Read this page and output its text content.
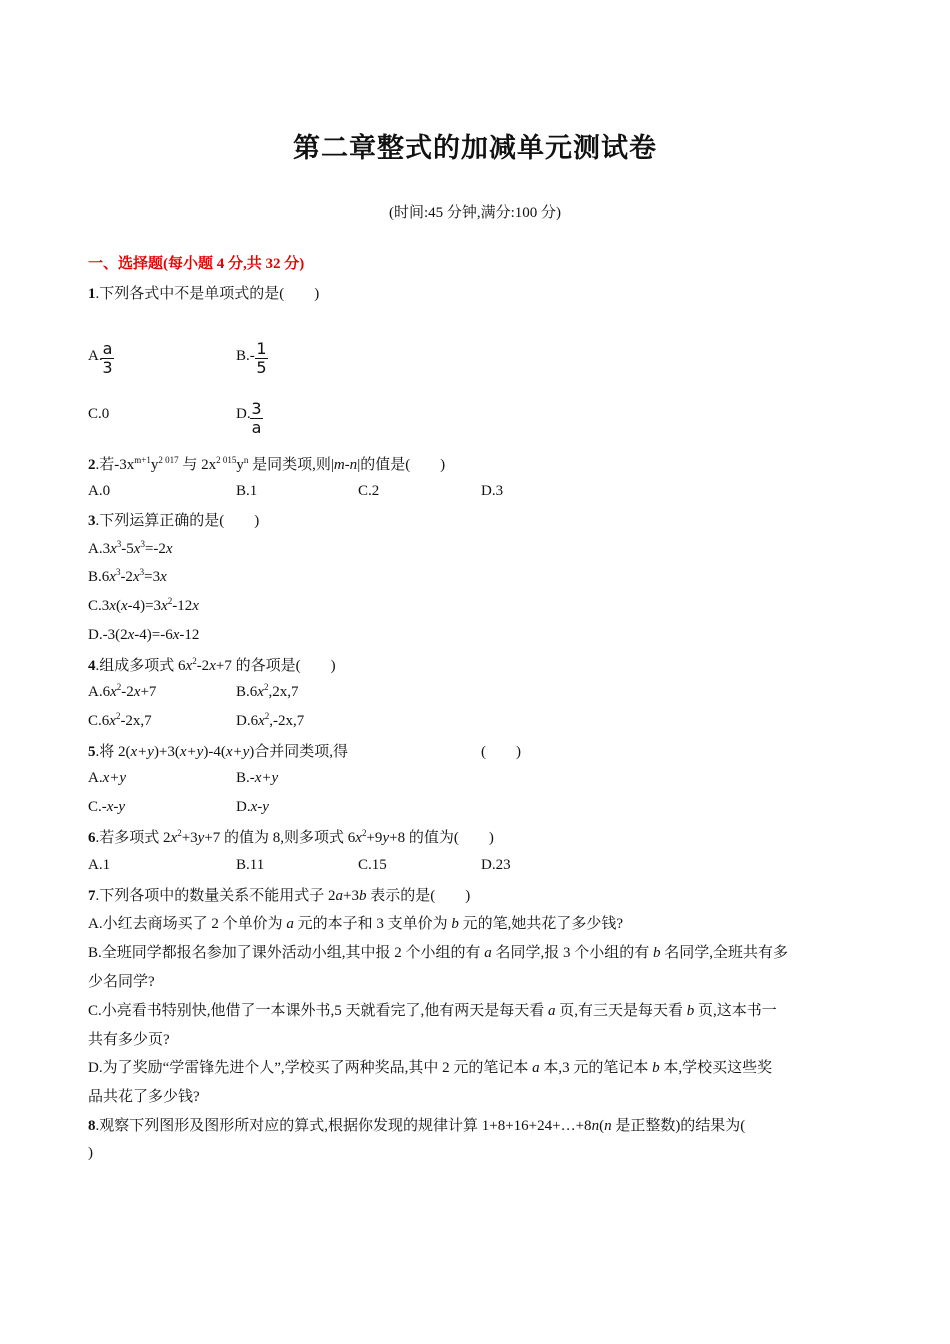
第二章整式的加减单元测试卷
(时间:45 分钟,满分:100 分)
一、选择题(每小题 4 分,共 32 分)
1.下列各式中不是单项式的是(　　)
A. a
3
B.- 1
5
C.0	D. 3
a
2.若$-3x^{m+1}y^{2 017}$ 与 $2x^{2 015}y^n$ 是同类项,则|m-n|的值是(　　)
A.0	B.1	C.2	D.3
3.下列运算正确的是(　　)
$A.3x^3-5x^3=-2x$
$B.6x^3-2x^3=3x$
$C.3x(x-4)=3x^2-12x$
D.-3(2x-4)=-6x-12
4.组成多项式 $6x^2-2x+7$ 的各项是(　　)
$A.6x^2-2x+7$	$B.6x^2,2x,7$
$C.6x^2-2x,7$	$D.6x^2,-2x,7$
5.将 2(x+y)+3(x+y)-4(x+y)合并同类项,得	(　　)
A.x+y	B.-x+y
C.-x-y	D.x-y
6.若多项式 $2x^2+3y+7$ 的值为 8,则多项式 $6x^2+9y+8$ 的值为(　　)
A.1	B.11	C.15	D.23
7.下列各项中的数量关系不能用式子 2a+3b 表示的是(　　)
A.小红去商场买了 2 个单价为 a 元的本子和 3 支单价为 b 元的笔,她共花了多少钱?
B.全班同学都报名参加了课外活动小组,其中报 2 个小组的有 a 名同学,报 3 个小组的有 b 名同学,全班共有多
少名同学?
C.小亮看书特别快,他借了一本课外书,5 天就看完了,他有两天是每天看 a 页,有三天是每天看 b 页,这本书一
共有多少页?
D.为了奖励“学雷锋先进个人”,学校买了两种奖品,其中 2 元的笔记本 a 本,3 元的笔记本 b 本,学校买这些奖
品共花了多少钱?
8.观察下列图形及图形所对应的算式,根据你发现的规律计算 1+8+16+24+…+8n(n 是正整数)的结果为(
)
